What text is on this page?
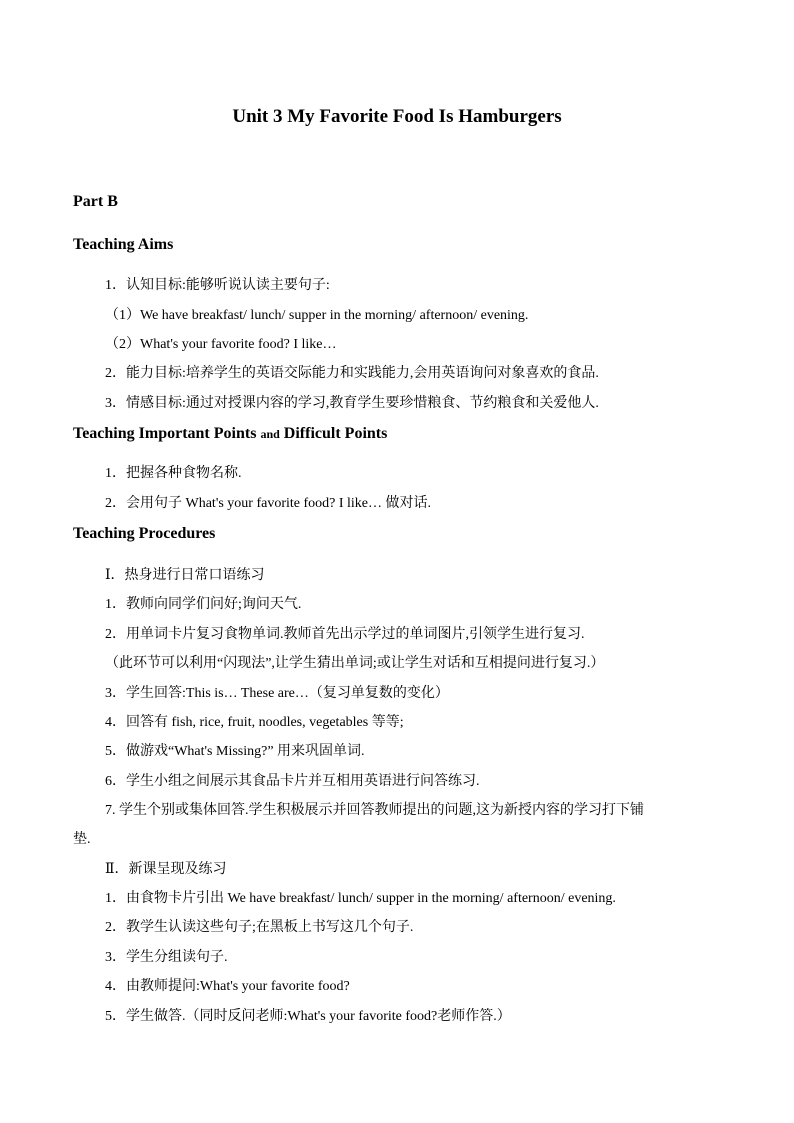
Unit 3 My Favorite Food Is Hamburgers
Part B
Teaching Aims
1．认知目标:能够听说认读主要句子:
（1）We have breakfast/ lunch/ supper in the morning/ afternoon/ evening.
（2）What's your favorite food? I like…
2．能力目标:培养学生的英语交际能力和实践能力,会用英语询问对象喜欢的食品.
3．情感目标:通过对授课内容的学习,教育学生要珍惜粮食、节约粮食和关爱他人.
Teaching Important Points and Difficult Points
1．把握各种食物名称.
2．会用句子 What's your favorite food? I like… 做对话.
Teaching Procedures
Ⅰ．热身进行日常口语练习
1．教师向同学们问好;询问天气.
2．用单词卡片复习食物单词.教师首先出示学过的单词图片,引领学生进行复习.
（此环节可以利用“闪现法”,让学生猜出单词;或让学生对话和互相提问进行复习.）
3．学生回答:This is… These are…（复习单复数的变化）
4．回答有 fish, rice, fruit, noodles, vegetables 等等;
5．做游戏“What's Missing?” 用来巩固单词.
6．学生小组之间展示其食品卡片并互相用英语进行问答练习.
7. 学生个别或集体回答.学生积极展示并回答教师提出的问题,这为新授内容的学习打下铺
垫.
Ⅱ．新课呈现及练习
1．由食物卡片引出 We have breakfast/ lunch/ supper in the morning/ afternoon/ evening.
2．教学生认读这些句子;在黑板上书写这几个句子.
3．学生分组读句子.
4．由教师提问:What's your favorite food?
5．学生做答.（同时反问老师:What's your favorite food?老师作答.）
